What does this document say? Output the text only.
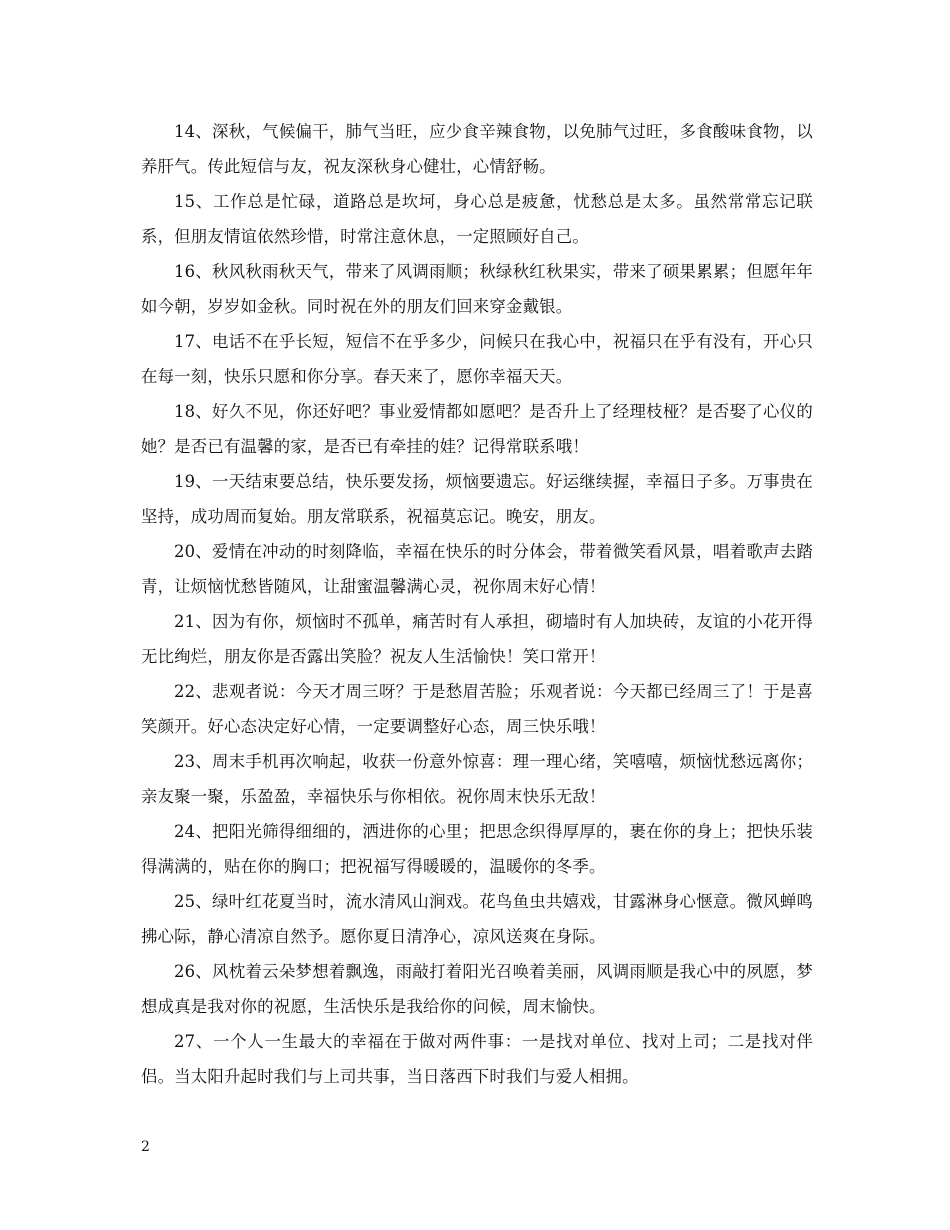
14、深秋，气候偏干，肺气当旺，应少食辛辣食物，以免肺气过旺，多食酸味食物，以养肝气。传此短信与友，祝友深秋身心健壮，心情舒畅。

15、工作总是忙碌，道路总是坎坷，身心总是疲惫，忧愁总是太多。虽然常常忘记联系，但朋友情谊依然珍惜，时常注意休息，一定照顾好自己。

16、秋风秋雨秋天气，带来了风调雨顺；秋绿秋红秋果实，带来了硕果累累；但愿年年如今朝，岁岁如金秋。同时祝在外的朋友们回来穿金戴银。

17、电话不在乎长短，短信不在乎多少，问候只在我心中，祝福只在乎有没有，开心只在每一刻，快乐只愿和你分享。春天来了，愿你幸福天天。

18、好久不见，你还好吧？事业爱情都如愿吧？是否升上了经理枝桠？是否娶了心仪的她？是否已有温馨的家，是否已有牵挂的娃？记得常联系哦！

19、一天结束要总结，快乐要发扬，烦恼要遗忘。好运继续握，幸福日子多。万事贵在坚持，成功周而复始。朋友常联系，祝福莫忘记。晚安，朋友。

20、爱情在冲动的时刻降临，幸福在快乐的时分体会，带着微笑看风景，唱着歌声去踏青，让烦恼忧愁皆随风，让甜蜜温馨满心灵，祝你周末好心情！

21、因为有你，烦恼时不孤单，痛苦时有人承担，砌墙时有人加块砖，友谊的小花开得无比绚烂，朋友你是否露出笑脸？祝友人生活愉快！笑口常开！

22、悲观者说：今天才周三呀？于是愁眉苦脸；乐观者说：今天都已经周三了！于是喜笑颜开。好心态决定好心情，一定要调整好心态，周三快乐哦！

23、周末手机再次响起，收获一份意外惊喜：理一理心绪，笑嘻嘻，烦恼忧愁远离你；亲友聚一聚，乐盈盈，幸福快乐与你相依。祝你周末快乐无敌！

24、把阳光筛得细细的，洒进你的心里；把思念织得厚厚的，裹在你的身上；把快乐装得满满的，贴在你的胸口；把祝福写得暖暖的，温暖你的冬季。

25、绿叶红花夏当时，流水清风山涧戏。花鸟鱼虫共嬉戏，甘露淋身心惬意。微风蝉鸣拂心际，静心清凉自然予。愿你夏日清净心，凉风送爽在身际。

26、风枕着云朵梦想着飘逸，雨敲打着阳光召唤着美丽，风调雨顺是我心中的夙愿，梦想成真是我对你的祝愿，生活快乐是我给你的问候，周末愉快。

27、一个人一生最大的幸福在于做对两件事：一是找对单位、找对上司；二是找对伴侣。当太阳升起时我们与上司共事，当日落西下时我们与爱人相拥。

2
